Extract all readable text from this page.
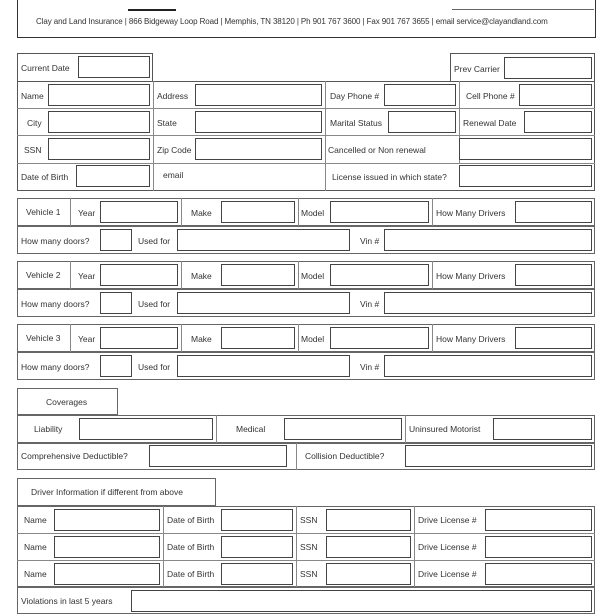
Clay and Land Insurance | 866 Bidgeway Loop Road | Memphis, TN 38120 | Ph 901 767 3600 | Fax 901 767 3655 | email service@clayandland.com
Current Date	Prev Carrier
Name	Address	Day Phone #	Cell Phone #
City	State	Marital Status	Renewal Date
SSN	Zip Code	Cancelled or Non renewal
Date of Birth	email	License issued in which state?
Vehicle 1 Year	Make	Model	How Many Drivers
How many doors?	Used for	Vin #
Vehicle 2 Year	Make	Model	How Many Drivers
How many doors?	Used for	Vin #
Vehicle 3 Year	Make	Model	How Many Drivers
How many doors?	Used for	Vin #
Coverages
Liability	Medical	Uninsured Motorist
Comprehensive Deductible?	Collision Deductible?
Driver Information if different from above
Name	Date of Birth	SSN	Drive License #
Name	Date of Birth	SSN	Drive License #
Name	Date of Birth	SSN	Drive License #
Violations in last 5 years
